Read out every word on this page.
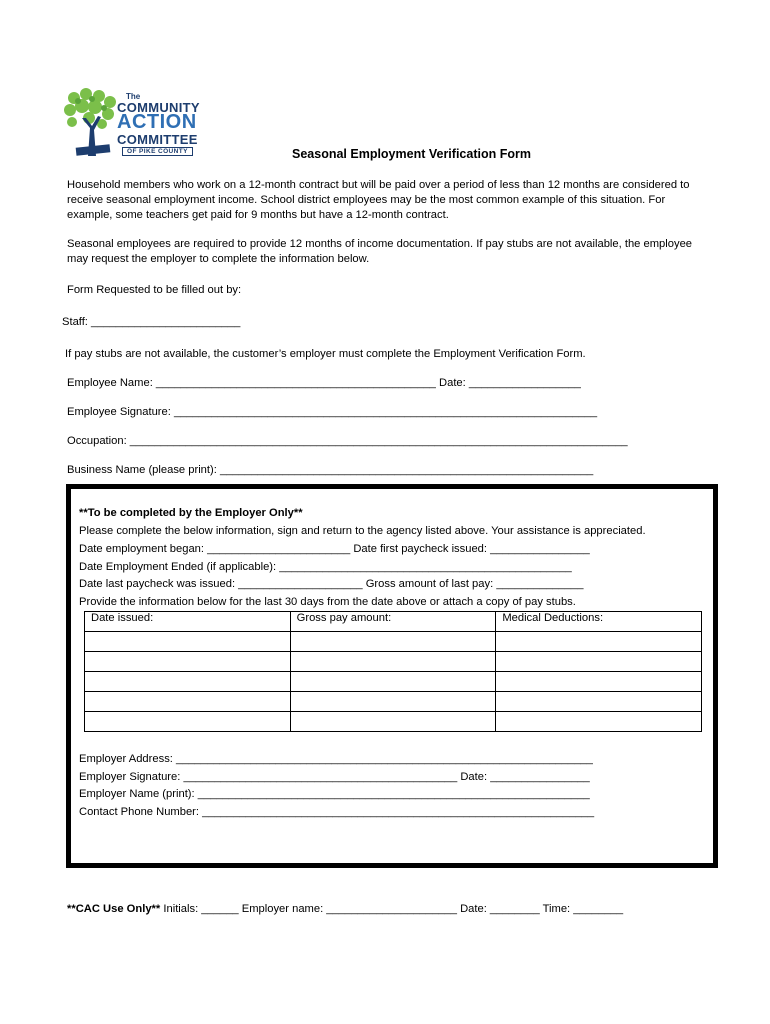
The
COMMUNITY
ACTION
COMMITTEE
OF PIKE COUNTY	Seasonal Employment Verification Form
Household members who work on a 12-month contract but will be paid over a period of less than 12 months are considered to receive seasonal employment income. School district employees may be the most common example of this situation. For example, some teachers get paid for 9 months but have a 12-month contract.
Seasonal employees are required to provide 12 months of income documentation. If pay stubs are not available, the employee may request the employer to complete the information below.
Form Requested to be filled out by:
Staff: ________________________
If pay stubs are not available, the customer’s employer must complete the Employment Verification Form.
Employee Name: _____________________________________________ Date: __________________
Employee Signature: ____________________________________________________________________
Occupation: ________________________________________________________________________________
Business Name (please print): ____________________________________________________________
**To be completed by the Employer Only**
Please complete the below information, sign and return to the agency listed above. Your assistance is appreciated.
Date employment began: _______________________ Date first paycheck issued: ________________
Date Employment Ended (if applicable): _______________________________________________
Date last paycheck was issued: ____________________ Gross amount of last pay: ______________
Provide the information below for the last 30 days from the date above or attach a copy of pay stubs.
Date issued:	Gross pay amount:	Medical Deductions:

Employer Address: ___________________________________________________________________
Employer Signature: ____________________________________________ Date: ________________
Employer Name (print): _______________________________________________________________
Contact Phone Number: _______________________________________________________________
**CAC Use Only** Initials: ______ Employer name: _____________________ Date: ________ Time: ________
